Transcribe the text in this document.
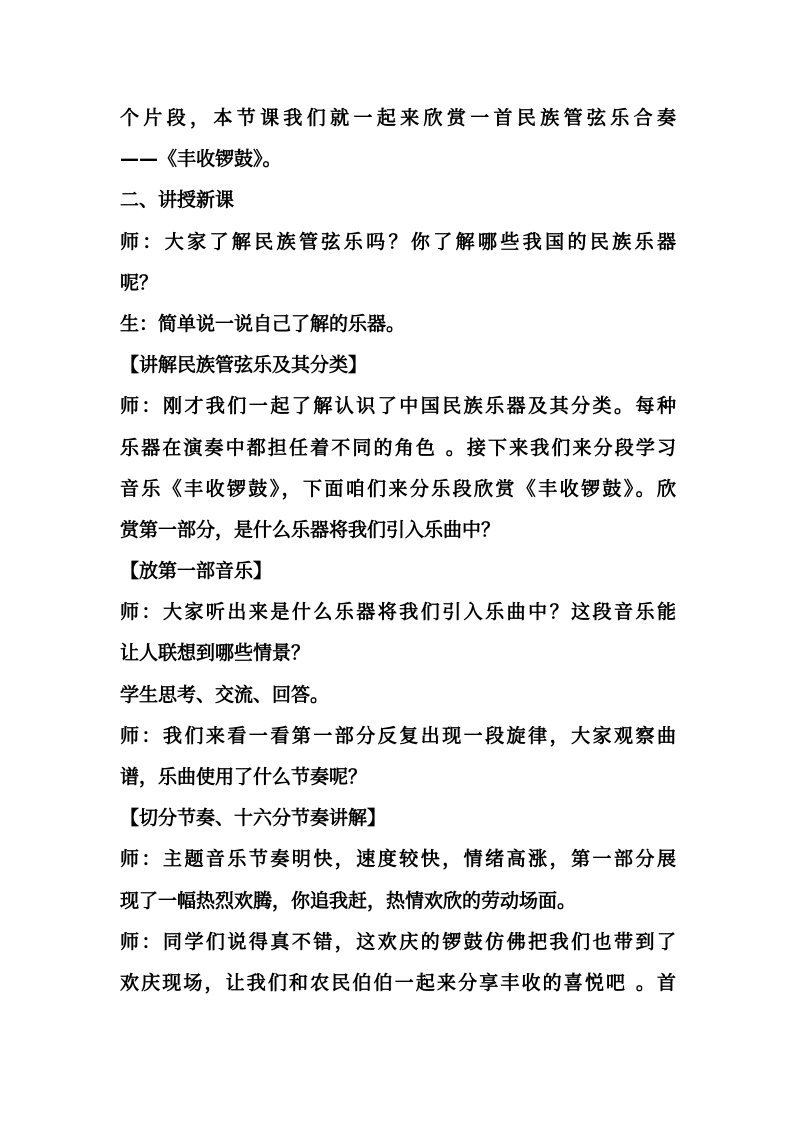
个片段，本节课我们就一起来欣赏一首民族管弦乐合奏
——《丰收锣鼓》。
二、讲授新课
师：大家了解民族管弦乐吗？你了解哪些我国的民族乐器
呢？
生：简单说一说自己了解的乐器。
【讲解民族管弦乐及其分类】
师：刚才我们一起了解认识了中国民族乐器及其分类。每种
乐器在演奏中都担任着不同的角色 。接下来我们来分段学习
音乐《丰收锣鼓》，下面咱们来分乐段欣赏《丰收锣鼓》。欣
赏第一部分，是什么乐器将我们引入乐曲中？
【放第一部音乐】
师：大家听出来是什么乐器将我们引入乐曲中？这段音乐能
让人联想到哪些情景？
学生思考、交流、回答。
师：我们来看一看第一部分反复出现一段旋律，大家观察曲
谱，乐曲使用了什么节奏呢？
【切分节奏、十六分节奏讲解】
师：主题音乐节奏明快，速度较快，情绪高涨，第一部分展
现了一幅热烈欢腾，你追我赶，热情欢欣的劳动场面。
师：同学们说得真不错，这欢庆的锣鼓仿佛把我们也带到了
欢庆现场，让我们和农民伯伯一起来分享丰收的喜悦吧 。首
